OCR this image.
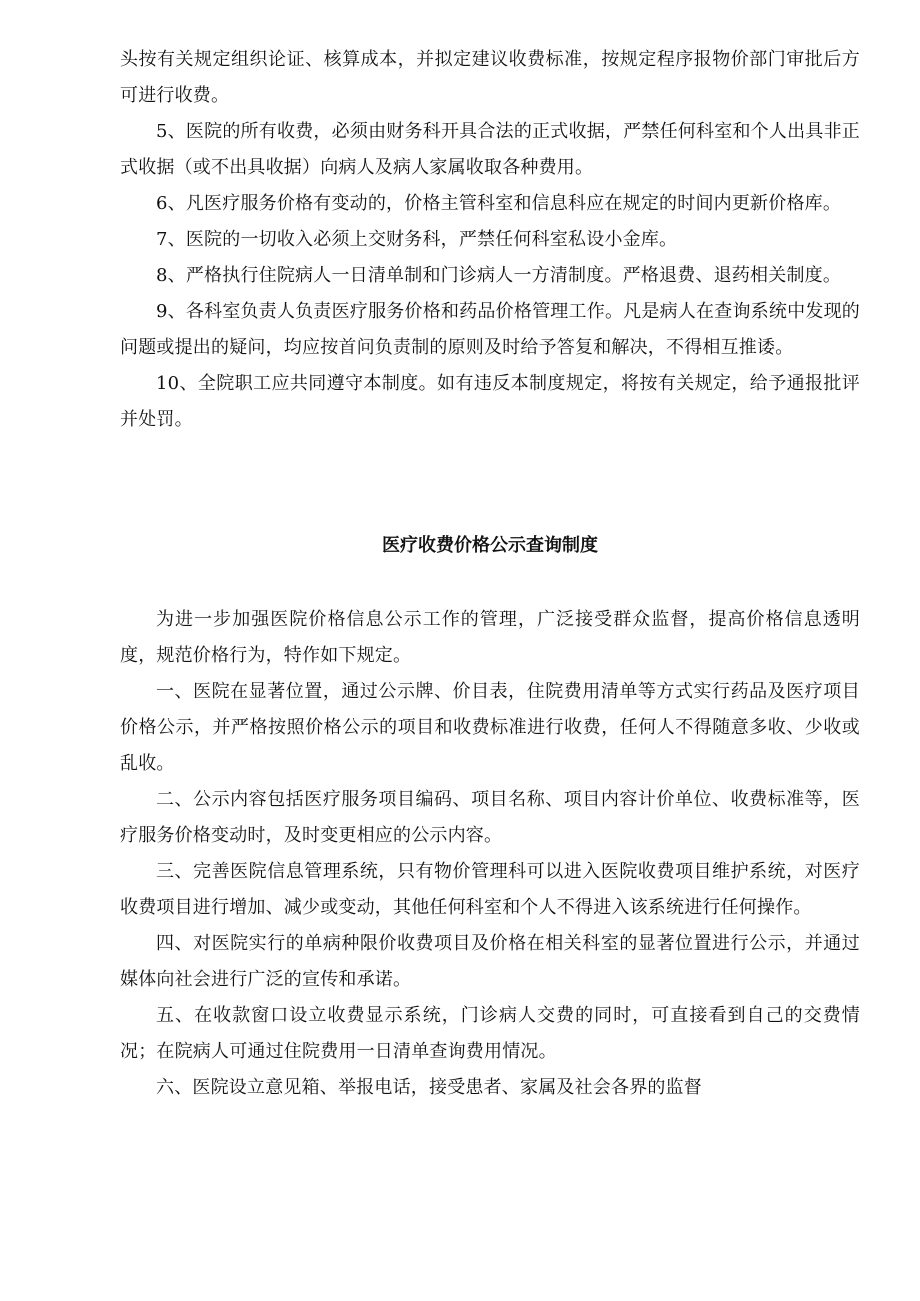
头按有关规定组织论证、核算成本，并拟定建议收费标准，按规定程序报物价部门审批后方可进行收费。

5、医院的所有收费，必须由财务科开具合法的正式收据，严禁任何科室和个人出具非正式收据（或不出具收据）向病人及病人家属收取各种费用。

6、凡医疗服务价格有变动的，价格主管科室和信息科应在规定的时间内更新价格库。

7、医院的一切收入必须上交财务科，严禁任何科室私设小金库。

8、严格执行住院病人一日清单制和门诊病人一方清制度。严格退费、退药相关制度。

9、各科室负责人负责医疗服务价格和药品价格管理工作。凡是病人在查询系统中发现的问题或提出的疑问，均应按首问负责制的原则及时给予答复和解决，不得相互推诿。

10、全院职工应共同遵守本制度。如有违反本制度规定，将按有关规定，给予通报批评并处罚。

医疗收费价格公示查询制度

为进一步加强医院价格信息公示工作的管理，广泛接受群众监督，提高价格信息透明度，规范价格行为，特作如下规定。

一、医院在显著位置，通过公示牌、价目表，住院费用清单等方式实行药品及医疗项目价格公示，并严格按照价格公示的项目和收费标准进行收费，任何人不得随意多收、少收或乱收。

二、公示内容包括医疗服务项目编码、项目名称、项目内容计价单位、收费标准等，医疗服务价格变动时，及时变更相应的公示内容。

三、完善医院信息管理系统，只有物价管理科可以进入医院收费项目维护系统，对医疗收费项目进行增加、减少或变动，其他任何科室和个人不得进入该系统进行任何操作。

四、对医院实行的单病种限价收费项目及价格在相关科室的显著位置进行公示，并通过媒体向社会进行广泛的宣传和承诺。

五、在收款窗口设立收费显示系统，门诊病人交费的同时，可直接看到自己的交费情况；在院病人可通过住院费用一日清单查询费用情况。

六、医院设立意见箱、举报电话，接受患者、家属及社会各界的监督
